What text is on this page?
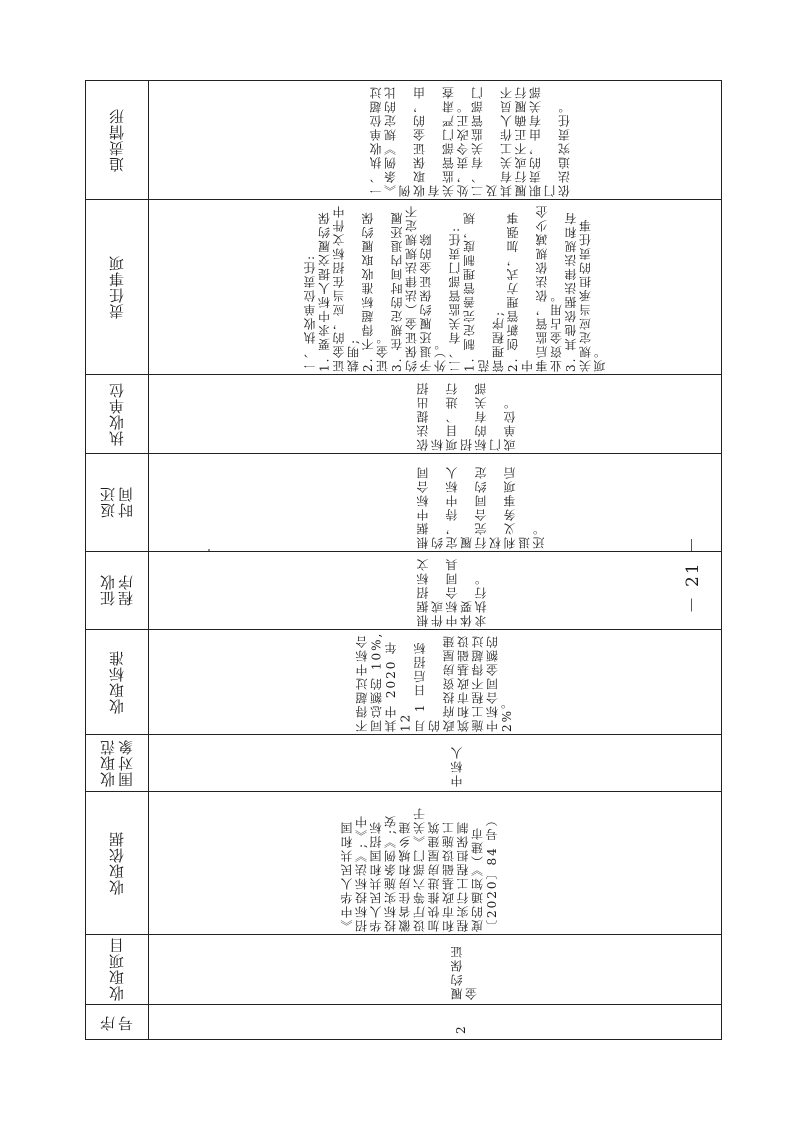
追责情形
责任事项
执收单位
返还
时间
征收
程序
收取标准
收取范
围对象
收取依据
收取项目
序
号
一、执收单位超过
《条例》规定的比例
收取保证金的，由有
关监管部门严肃查
处，责令改正。
二、有关监管部门及
其有关工作人员不
履行或不正确履行
职责的，由有关部门
依法追究责任。
一、执收单位责任:
1. 要求中标人提交履约保
证金的，应当在招标文件中
载明;
2. 不得超标准收取履约保
证金。
3. 在规定的时间内退还履
约保证金（法律法规规定不
予退还履约保证金的除外）。
二、有关监管部门责任:
1. 制定完善管理制度，规范
管理程序;
2. 创新管理方式，加强事中
事后监管，依法依规减少企
业资金占用。
3. 其他依据法律法规和有
关规定应当承担的责任事
项。
依法提出招标
项目、进行招
标的有关部门
或单位。
根据中标合同约
定，待中标人履
行完合同约定权
利义务事项后退
还。
根据招标文件或
中标合同具体要
求执行。
不得超过中标合
同总额的 10%,
其中 2020 年 12
月 1 日后招标的
政府投资房屋建
筑和市政基础设
施工程不得超过
中标合同金额的
2%。
中标人
《中华人民共和国
招标投标法》;《中
华人民共和国招标
投标实施条例》;安
徽省住房和城乡建
设厅等六部门《关于
加快推进房屋建筑
和市政基础设施工
程实行工程担保制
度的通知》（建市
〔2020〕84 号）
履约保证金
2
－ 21 －
